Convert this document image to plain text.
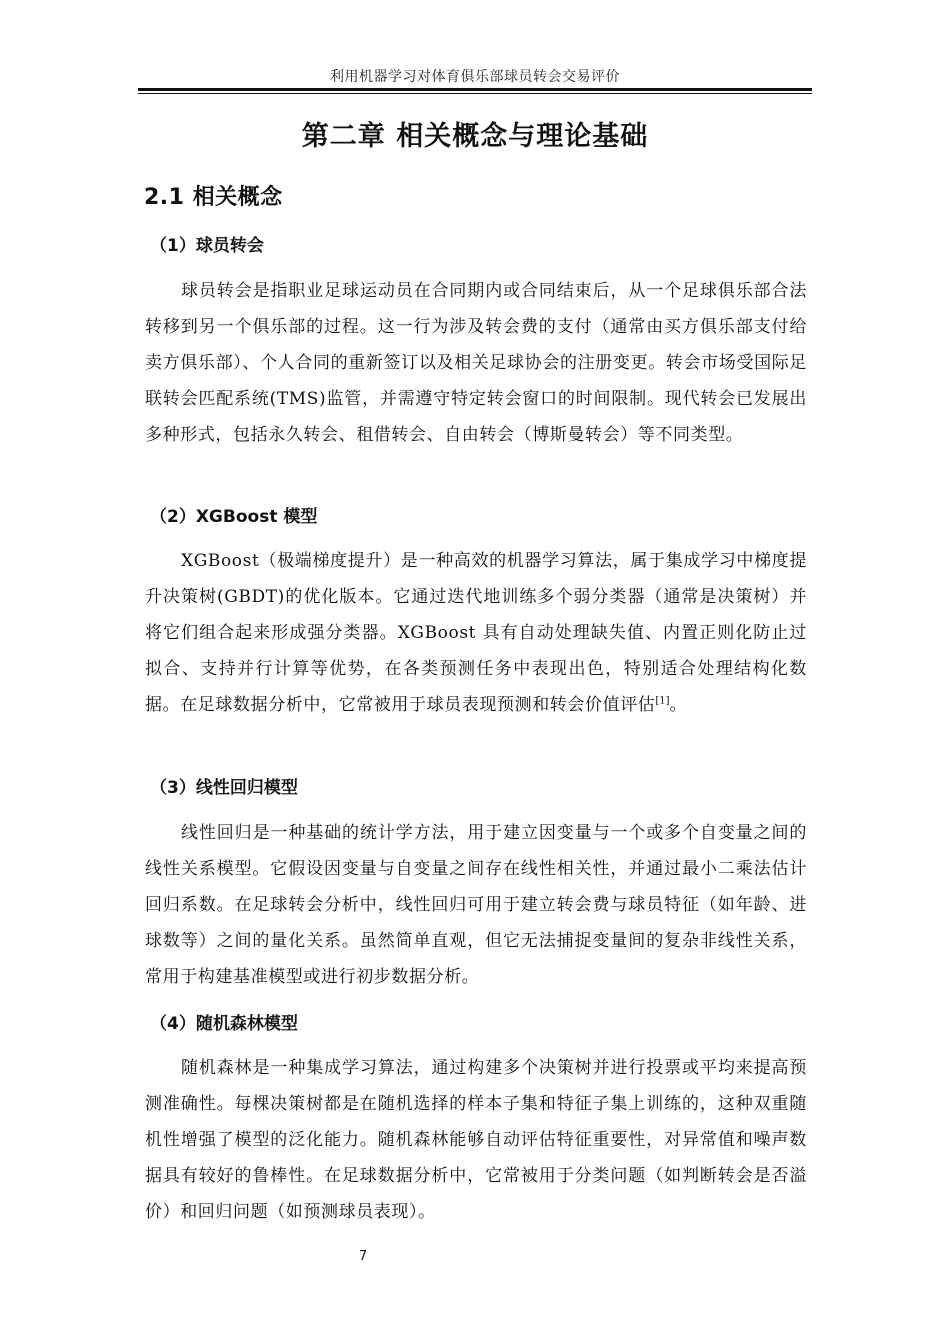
利用机器学习对体育俱乐部球员转会交易评价
第二章 相关概念与理论基础
2.1 相关概念
（1）球员转会

球员转会是指职业足球运动员在合同期内或合同结束后，从一个足球俱乐部合法转移到另一个俱乐部的过程。这一行为涉及转会费的支付（通常由买方俱乐部支付给卖方俱乐部）、个人合同的重新签订以及相关足球协会的注册变更。转会市场受国际足联转会匹配系统(TMS)监管，并需遵守特定转会窗口的时间限制。现代转会已发展出多种形式，包括永久转会、租借转会、自由转会（博斯曼转会）等不同类型。

（2）XGBoost 模型

XGBoost（极端梯度提升）是一种高效的机器学习算法，属于集成学习中梯度提升决策树(GBDT)的优化版本。它通过迭代地训练多个弱分类器（通常是决策树）并将它们组合起来形成强分类器。XGBoost 具有自动处理缺失值、内置正则化防止过拟合、支持并行计算等优势，在各类预测任务中表现出色，特别适合处理结构化数据。在足球数据分析中，它常被用于球员表现预测和转会价值评估[1]。

（3）线性回归模型

线性回归是一种基础的统计学方法，用于建立因变量与一个或多个自变量之间的线性关系模型。它假设因变量与自变量之间存在线性相关性，并通过最小二乘法估计回归系数。在足球转会分析中，线性回归可用于建立转会费与球员特征（如年龄、进球数等）之间的量化关系。虽然简单直观，但它无法捕捉变量间的复杂非线性关系，常用于构建基准模型或进行初步数据分析。

（4）随机森林模型

随机森林是一种集成学习算法，通过构建多个决策树并进行投票或平均来提高预测准确性。每棵决策树都是在随机选择的样本子集和特征子集上训练的，这种双重随机性增强了模型的泛化能力。随机森林能够自动评估特征重要性，对异常值和噪声数据具有较好的鲁棒性。在足球数据分析中，它常被用于分类问题（如判断转会是否溢价）和回归问题（如预测球员表现）。

7
